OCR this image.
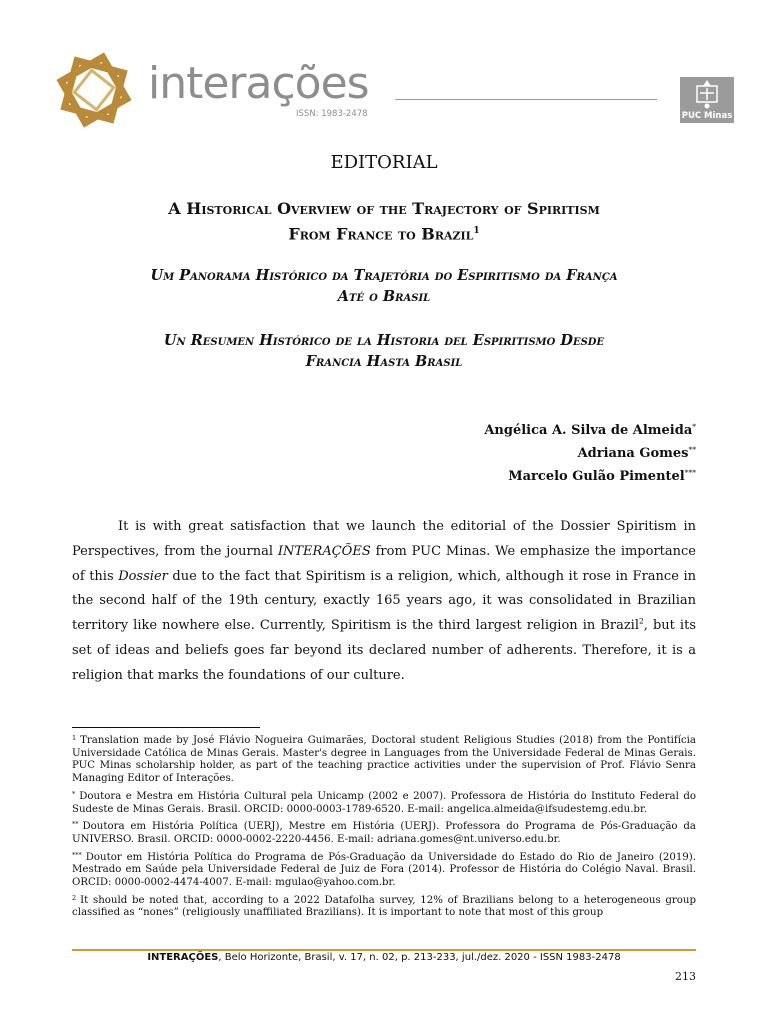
interações
ISSN: 1983-2478	PUC Minas
EDITORIAL
A Historical Overview of the Trajectory of Spiritism
From France to Brazil$^1$
Um Panorama Histórico da Trajetória do Espiritismo da França
Até o Brasil
Un Resumen Histórico de la Historia del Espiritismo Desde
Francia Hasta Brasil
Angélica A. Silva de Almeida*
Adriana Gomes**
Marcelo Gulão Pimentel***

It is with great satisfaction that we launch the editorial of the Dossier Spiritism in Perspectives, from the journal INTERAÇÕES from PUC Minas. We emphasize the importance of this Dossier due to the fact that Spiritism is a religion, which, although it rose in France in the second half of the 19th century, exactly 165 years ago, it was consolidated in Brazilian territory like nowhere else. Currently, Spiritism is the third largest religion in Brazil$^2$, but its set of ideas and beliefs goes far beyond its declared number of adherents. Therefore, it is a religion that marks the foundations of our culture.

$^1$ Translation made by José Flávio Nogueira Guimarães, Doctoral student Religious Studies (2018) from the Pontifícia Universidade Católica de Minas Gerais. Master's degree in Languages from the Universidade Federal de Minas Gerais. PUC Minas scholarship holder, as part of the teaching practice activities under the supervision of Prof. Flávio Senra Managing Editor of Interações.

* Doutora e Mestra em História Cultural pela Unicamp (2002 e 2007). Professora de História do Instituto Federal do Sudeste de Minas Gerais. Brasil. ORCID: 0000-0003-1789-6520. E-mail: angelica.almeida@ifsudestemg.edu.br.

** Doutora em História Política (UERJ), Mestre em História (UERJ). Professora do Programa de Pós-Graduação da UNIVERSO. Brasil. ORCID: 0000-0002-2220-4456. E-mail: adriana.gomes@nt.universo.edu.br.

*** Doutor em História Política do Programa de Pós-Graduação da Universidade do Estado do Rio de Janeiro (2019). Mestrado em Saúde pela Universidade Federal de Juiz de Fora (2014). Professor de História do Colégio Naval. Brasil. ORCID: 0000-0002-4474-4007. E-mail: mgulao@yahoo.com.br.

$^2$ It should be noted that, according to a 2022 Datafolha survey, 12% of Brazilians belong to a heterogeneous group classified as “nones” (religiously unaffiliated Brazilians). It is important to note that most of this group

INTERAÇÕES, Belo Horizonte, Brasil, v. 17, n. 02, p. 213-233, jul./dez. 2020 - ISSN 1983-2478
213
